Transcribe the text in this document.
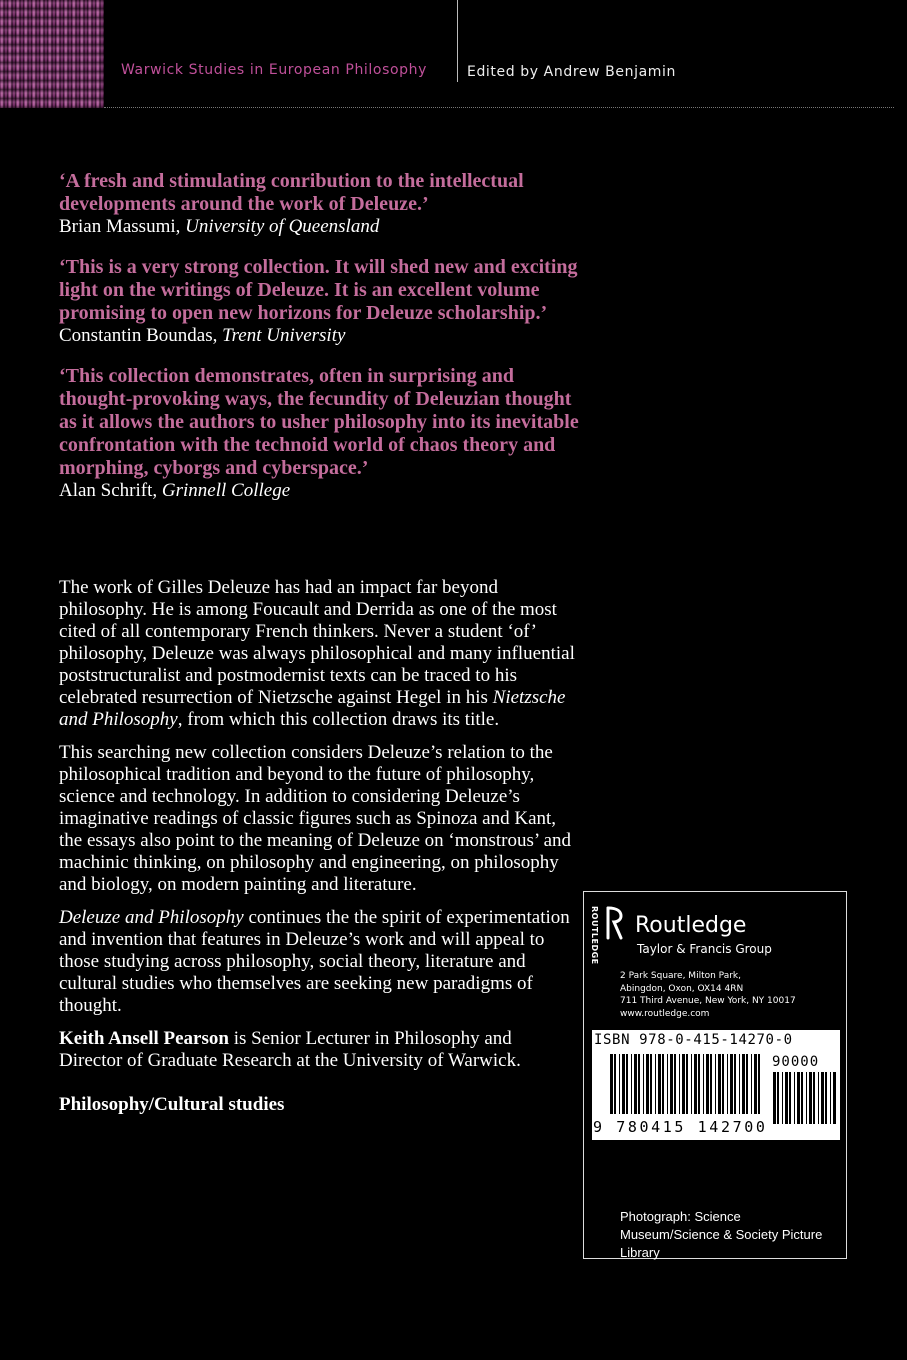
Warwick Studies in European Philosophy	Edited by Andrew Benjamin

‘A fresh and stimulating conribution to the intellectual developments around the work of Deleuze.’

Brian Massumi, University of Queensland

‘This is a very strong collection. It will shed new and exciting light on the writings of Deleuze. It is an excellent volume promising to open new horizons for Deleuze scholarship.’

Constantin Boundas, Trent University

‘This collection demonstrates, often in surprising and thought-provoking ways, the fecundity of Deleuzian thought as it allows the authors to usher philosophy into its inevitable confrontation with the technoid world of chaos theory and morphing, cyborgs and cyberspace.’

Alan Schrift, Grinnell College

The work of Gilles Deleuze has had an impact far beyond philosophy. He is among Foucault and Derrida as one of the most cited of all contemporary French thinkers. Never a student ‘of’ philosophy, Deleuze was always philosophical and many influential poststructuralist and postmodernist texts can be traced to his celebrated resurrection of Nietzsche against Hegel in his Nietzsche and Philosophy, from which this collection draws its title.

This searching new collection considers Deleuze’s relation to the philosophical tradition and beyond to the future of philosophy, science and technology. In addition to considering Deleuze’s imaginative readings of classic figures such as Spinoza and Kant, the essays also point to the meaning of Deleuze on ‘monstrous’ and machinic thinking, on philosophy and engineering, on philosophy and biology, on modern painting and literature.

Deleuze and Philosophy continues the the spirit of experimentation and invention that features in Deleuze’s work and will appeal to those studying across philosophy, social theory, literature and cultural studies who themselves are seeking new paradigms of thought.

Keith Ansell Pearson is Senior Lecturer in Philosophy and Director of Graduate Research at the University of Warwick.

Philosophy/Cultural studies

ROUTLEDGE Routledge
Taylor & Francis Group
2 Park Square, Milton Park,
Abingdon, Oxon, OX14 4RN
711 Third Avenue, New York, NY 10017
www.routledge.com
ISBN 978-0-415-14270-0
90000
9 780415 142700
Photograph: Science Museum/Science & Society Picture Library
